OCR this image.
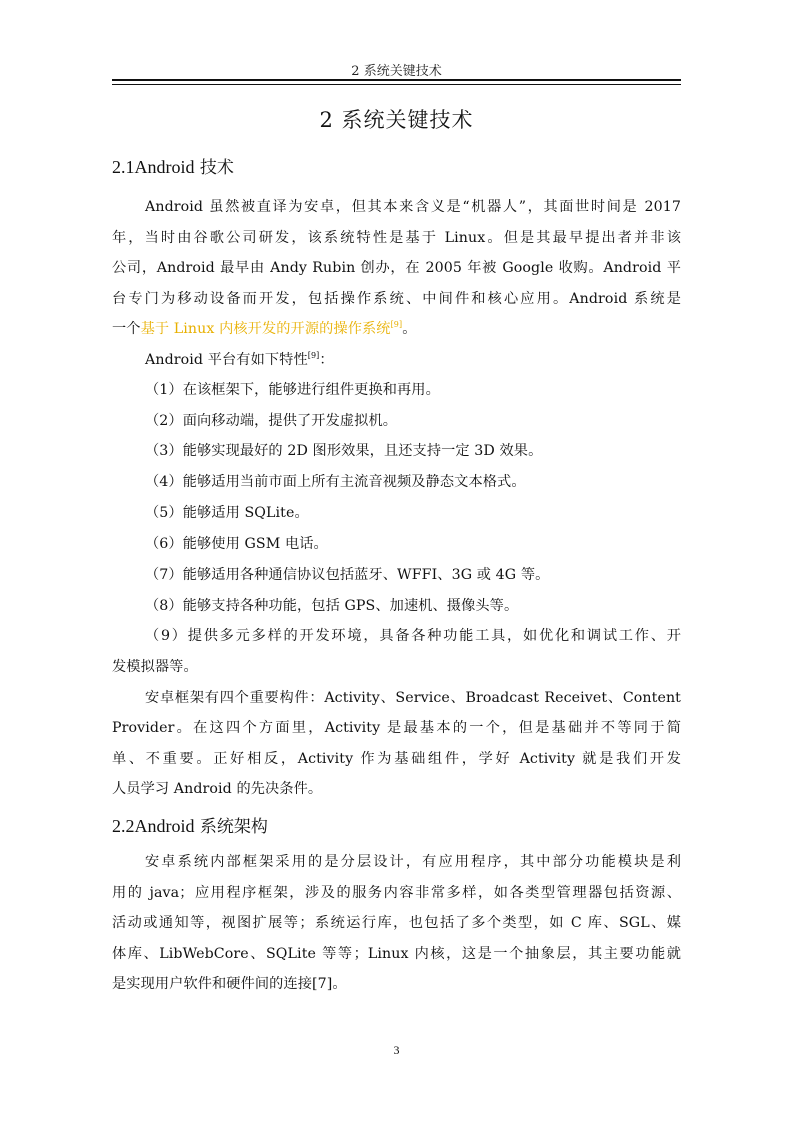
2 系统关键技术
2 系统关键技术
2.1Android 技术
Android 虽然被直译为安卓，但其本来含义是“机器人”，其面世时间是 2017
年，当时由谷歌公司研发，该系统特性是基于 Linux。但是其最早提出者并非该
公司，Android 最早由 Andy Rubin 创办，在 2005 年被 Google 收购。Android 平
台专门为移动设备而开发，包括操作系统、中间件和核心应用。Android 系统是
一个基于 Linux 内核开发的开源的操作系统[9]。
Android 平台有如下特性[9]：
（1）在该框架下，能够进行组件更换和再用。
（2）面向移动端，提供了开发虚拟机。
（3）能够实现最好的 2D 图形效果，且还支持一定 3D 效果。
（4）能够适用当前市面上所有主流音视频及静态文本格式。
（5）能够适用 SQLite。
（6）能够使用 GSM 电话。
（7）能够适用各种通信协议包括蓝牙、WFFI、3G 或 4G 等。
（8）能够支持各种功能，包括 GPS、加速机、摄像头等。
（9）提供多元多样的开发环境，具备各种功能工具，如优化和调试工作、开
发模拟器等。
安卓框架有四个重要构件：Activity、Service、Broadcast Receivet、Content
Provider。在这四个方面里，Activity 是最基本的一个，但是基础并不等同于简
单、不重要。正好相反，Activity 作为基础组件，学好 Activity 就是我们开发
人员学习 Android 的先决条件。
2.2Android 系统架构
安卓系统内部框架采用的是分层设计，有应用程序，其中部分功能模块是利
用的 java；应用程序框架，涉及的服务内容非常多样，如各类型管理器包括资源、
活动或通知等，视图扩展等；系统运行库，也包括了多个类型，如 C 库、SGL、媒
体库、LibWebCore、SQLite 等等；Linux 内核，这是一个抽象层，其主要功能就
是实现用户软件和硬件间的连接[7]。
3
